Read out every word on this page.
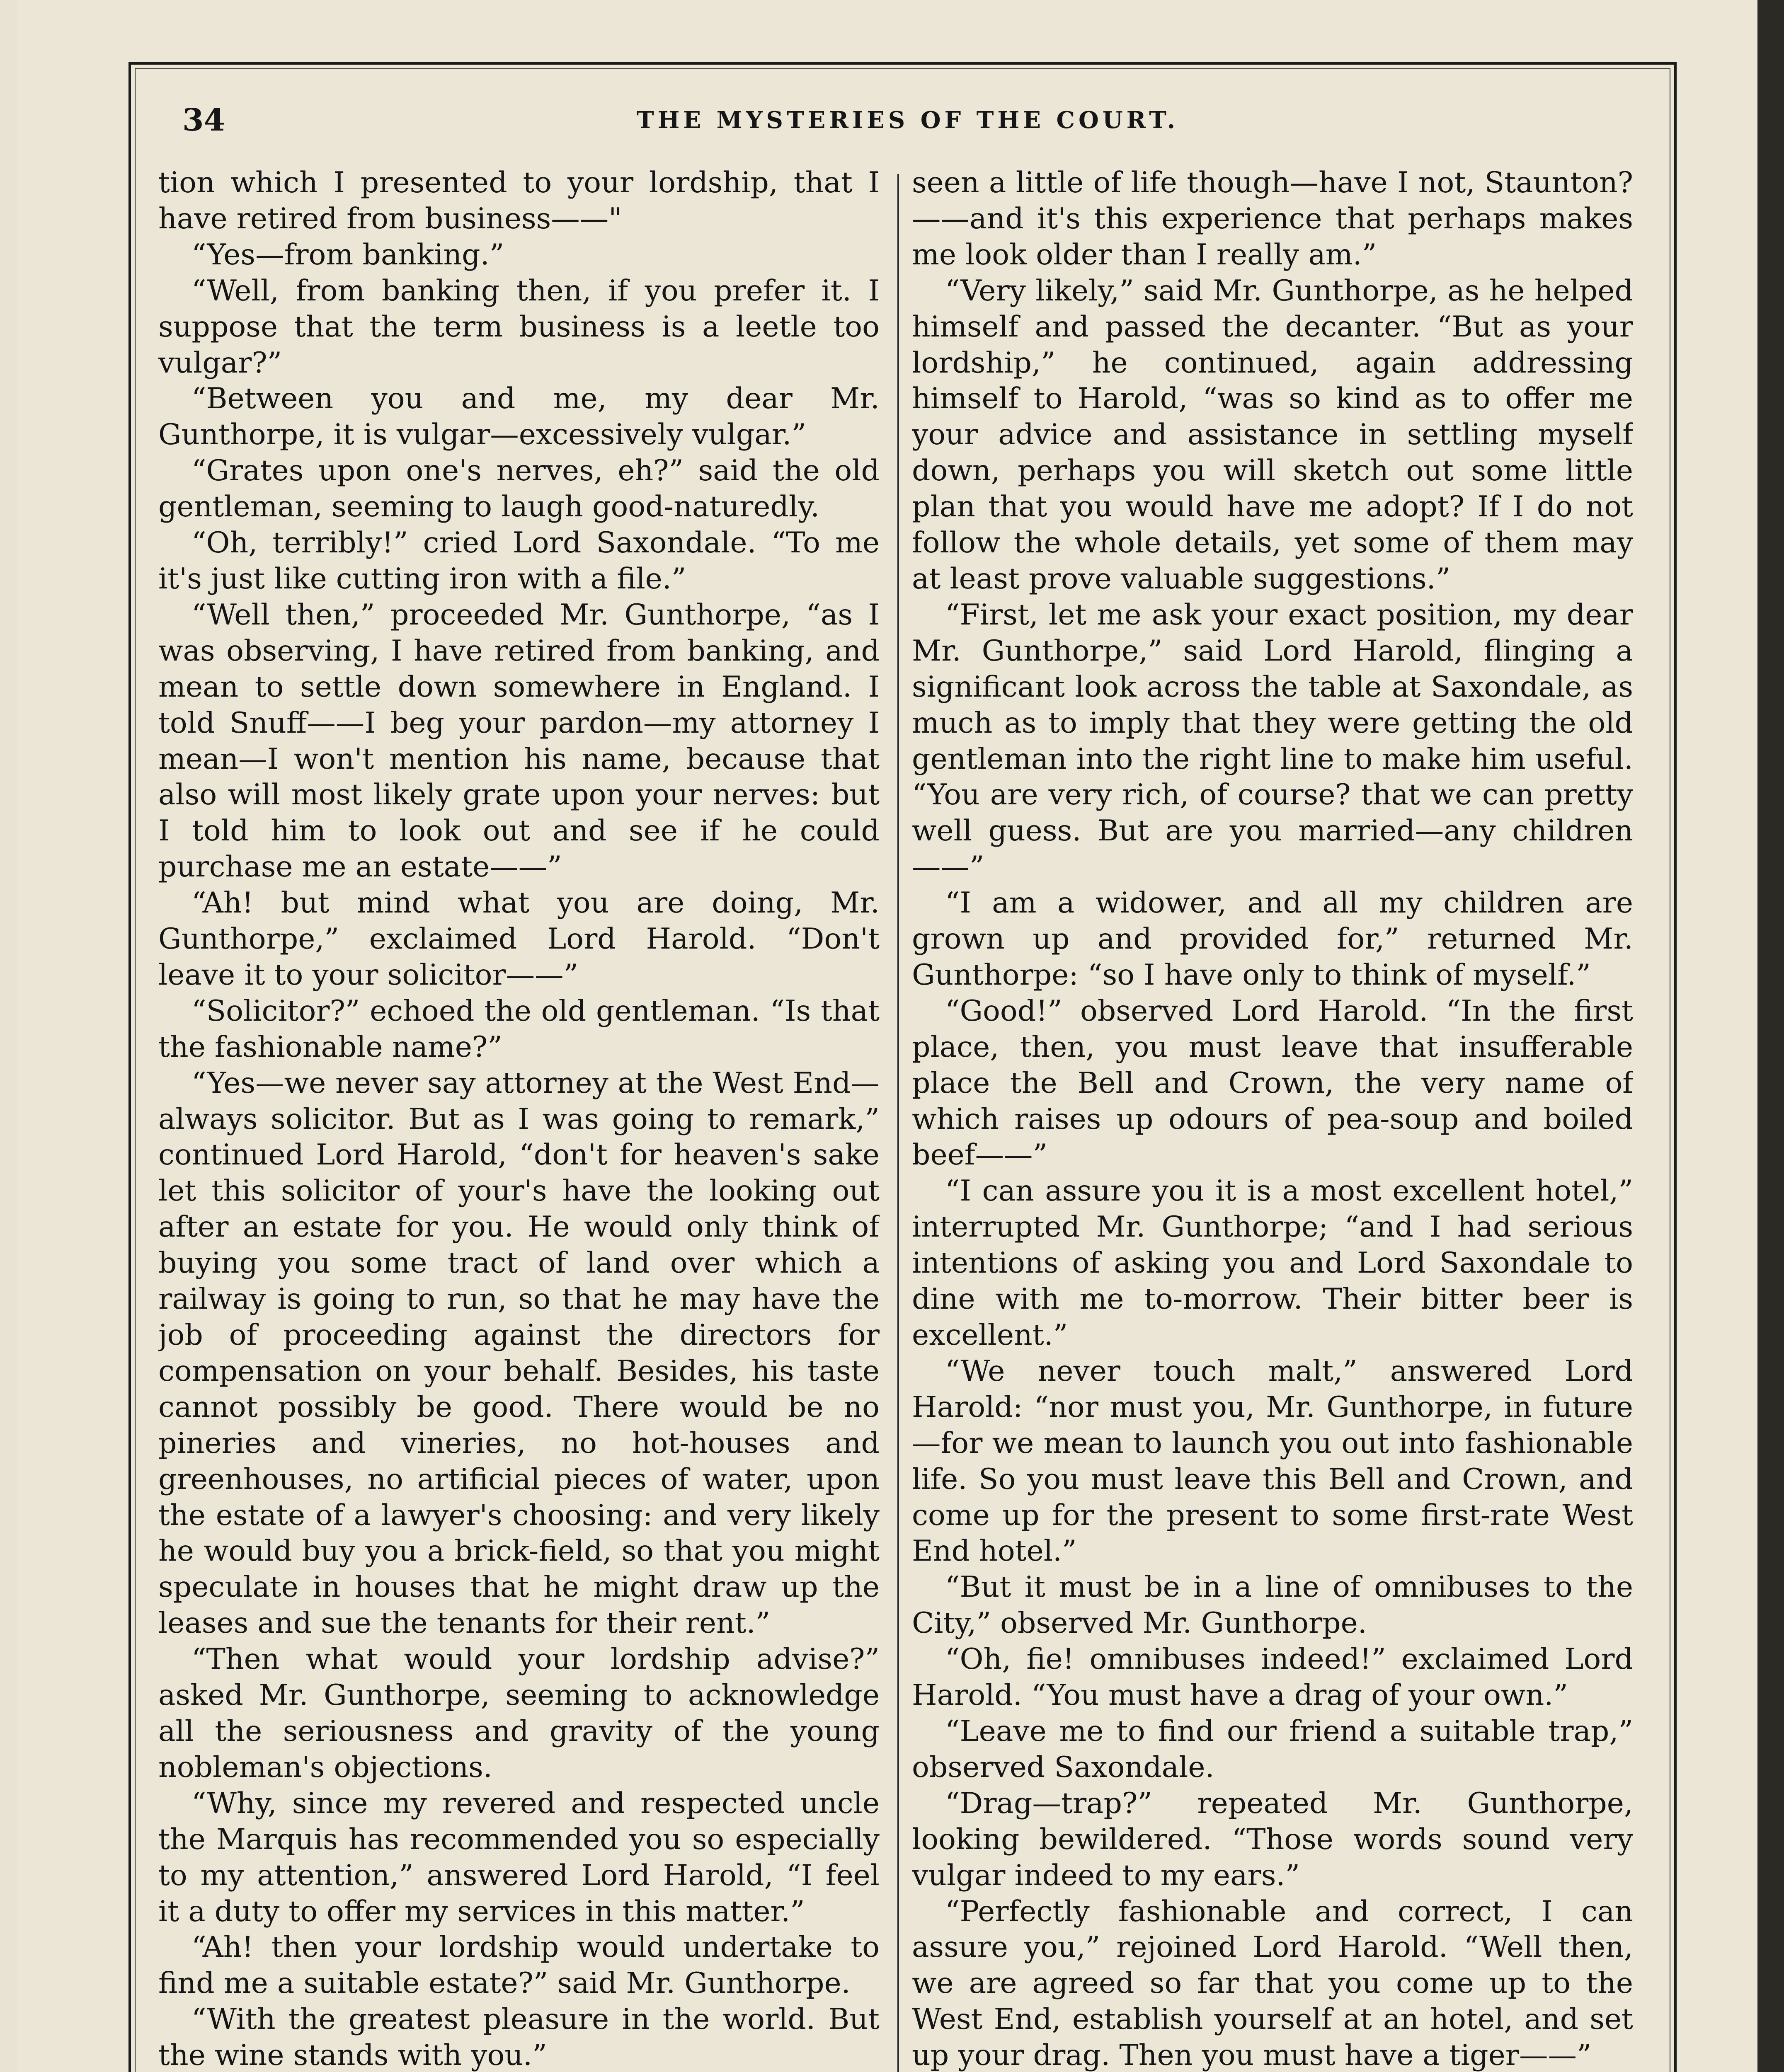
34	THE MYSTERIES OF THE COURT.

tion which I presented to your lordship, that I have retired from business——"

“Yes—from banking.”

“Well, from banking then, if you prefer it. I suppose that the term business is a leetle too vulgar?”

“Between you and me, my dear Mr. Gunthorpe, it is vulgar—excessively vulgar.”

“Grates upon one's nerves, eh?” said the old gentleman, seeming to laugh good-naturedly.

“Oh, terribly!” cried Lord Saxondale. “To me it's just like cutting iron with a file.”

“Well then,” proceeded Mr. Gunthorpe, “as I was observing, I have retired from banking, and mean to settle down somewhere in England. I told Snuff——I beg your pardon—my attorney I mean—I won't mention his name, because that also will most likely grate upon your nerves: but I told him to look out and see if he could purchase me an estate——”

“Ah! but mind what you are doing, Mr. Gunthorpe,” exclaimed Lord Harold. “Don't leave it to your solicitor——”

“Solicitor?” echoed the old gentleman. “Is that the fashionable name?”

“Yes—we never say attorney at the West End—always solicitor. But as I was going to remark,” continued Lord Harold, “don't for heaven's sake let this solicitor of your's have the looking out after an estate for you. He would only think of buying you some tract of land over which a railway is going to run, so that he may have the job of proceeding against the directors for compensation on your behalf. Besides, his taste cannot possibly be good. There would be no pineries and vineries, no hot-houses and greenhouses, no artificial pieces of water, upon the estate of a lawyer's choosing: and very likely he would buy you a brick-field, so that you might speculate in houses that he might draw up the leases and sue the tenants for their rent.”

“Then what would your lordship advise?” asked Mr. Gunthorpe, seeming to acknowledge all the seriousness and gravity of the young nobleman's objections.

“Why, since my revered and respected uncle the Marquis has recommended you so especially to my attention,” answered Lord Harold, “I feel it a duty to offer my services in this matter.”

“Ah! then your lordship would undertake to find me a suitable estate?” said Mr. Gunthorpe.

“With the greatest pleasure in the world. But the wine stands with you.”

seen a little of life though—have I not, Staunton? ——and it's this experience that perhaps makes me look older than I really am.”

“Very likely,” said Mr. Gunthorpe, as he helped himself and passed the decanter. “But as your lordship,” he continued, again addressing himself to Harold, “was so kind as to offer me your advice and assistance in settling myself down, perhaps you will sketch out some little plan that you would have me adopt? If I do not follow the whole details, yet some of them may at least prove valuable suggestions.”

“First, let me ask your exact position, my dear Mr. Gunthorpe,” said Lord Harold, flinging a significant look across the table at Saxondale, as much as to imply that they were getting the old gentleman into the right line to make him useful. “You are very rich, of course? that we can pretty well guess. But are you married—any children——”

“I am a widower, and all my children are grown up and provided for,” returned Mr. Gunthorpe: “so I have only to think of myself.”

“Good!” observed Lord Harold. “In the first place, then, you must leave that insufferable place the Bell and Crown, the very name of which raises up odours of pea-soup and boiled beef——”

“I can assure you it is a most excellent hotel,” interrupted Mr. Gunthorpe; “and I had serious intentions of asking you and Lord Saxondale to dine with me to-morrow. Their bitter beer is excellent.”

“We never touch malt,” answered Lord Harold: “nor must you, Mr. Gunthorpe, in future—for we mean to launch you out into fashionable life. So you must leave this Bell and Crown, and come up for the present to some first-rate West End hotel.”

“But it must be in a line of omnibuses to the City,” observed Mr. Gunthorpe.

“Oh, fie! omnibuses indeed!” exclaimed Lord Harold. “You must have a drag of your own.”

“Leave me to find our friend a suitable trap,” observed Saxondale.

“Drag—trap?” repeated Mr. Gunthorpe, looking bewildered. “Those words sound very vulgar indeed to my ears.”

“Perfectly fashionable and correct, I can assure you,” rejoined Lord Harold. “Well then, we are agreed so far that you come up to the West End, establish yourself at an hotel, and set up your drag. Then you must have a tiger——”
